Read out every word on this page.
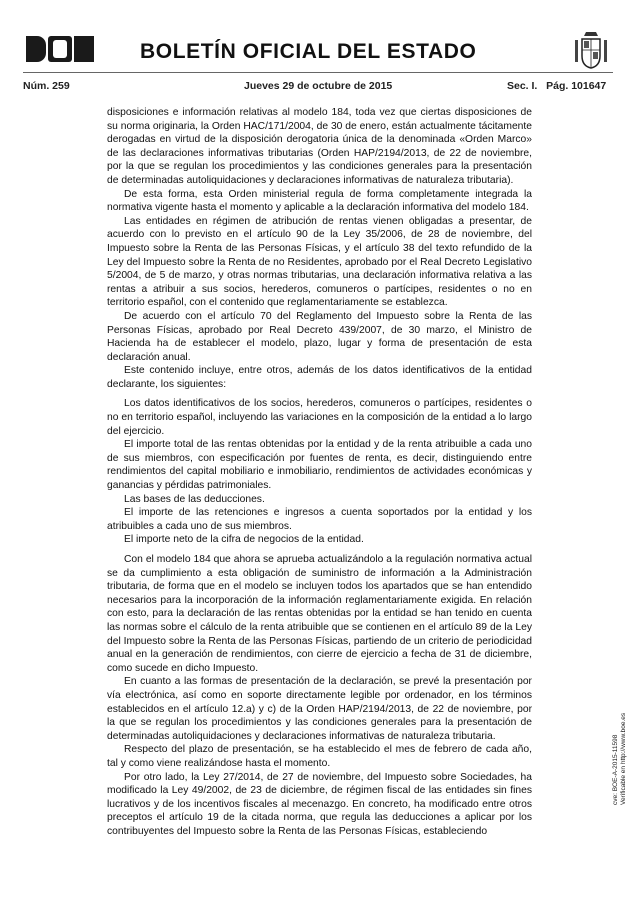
BOLETÍN OFICIAL DEL ESTADO
Núm. 259	Jueves 29 de octubre de 2015	Sec. I.   Pág. 101647

disposiciones e información relativas al modelo 184, toda vez que ciertas disposiciones de su norma originaria, la Orden HAC/171/2004, de 30 de enero, están actualmente tácitamente derogadas en virtud de la disposición derogatoria única de la denominada «Orden Marco» de las declaraciones informativas tributarias (Orden HAP/2194/2013, de 22 de noviembre, por la que se regulan los procedimientos y las condiciones generales para la presentación de determinadas autoliquidaciones y declaraciones informativas de naturaleza tributaria).

De esta forma, esta Orden ministerial regula de forma completamente integrada la normativa vigente hasta el momento y aplicable a la declaración informativa del modelo 184.

Las entidades en régimen de atribución de rentas vienen obligadas a presentar, de acuerdo con lo previsto en el artículo 90 de la Ley 35/2006, de 28 de noviembre, del Impuesto sobre la Renta de las Personas Físicas, y el artículo 38 del texto refundido de la Ley del Impuesto sobre la Renta de no Residentes, aprobado por el Real Decreto Legislativo 5/2004, de 5 de marzo, y otras normas tributarias, una declaración informativa relativa a las rentas a atribuir a sus socios, herederos, comuneros o partícipes, residentes o no en territorio español, con el contenido que reglamentariamente se establezca.

De acuerdo con el artículo 70 del Reglamento del Impuesto sobre la Renta de las Personas Físicas, aprobado por Real Decreto 439/2007, de 30 marzo, el Ministro de Hacienda ha de establecer el modelo, plazo, lugar y forma de presentación de esta declaración anual.

Este contenido incluye, entre otros, además de los datos identificativos de la entidad declarante, los siguientes:

Los datos identificativos de los socios, herederos, comuneros o partícipes, residentes o no en territorio español, incluyendo las variaciones en la composición de la entidad a lo largo del ejercicio.

El importe total de las rentas obtenidas por la entidad y de la renta atribuible a cada uno de sus miembros, con especificación por fuentes de renta, es decir, distinguiendo entre rendimientos del capital mobiliario e inmobiliario, rendimientos de actividades económicas y ganancias y pérdidas patrimoniales.

Las bases de las deducciones.

El importe de las retenciones e ingresos a cuenta soportados por la entidad y los atribuibles a cada uno de sus miembros.

El importe neto de la cifra de negocios de la entidad.

Con el modelo 184 que ahora se aprueba actualizándolo a la regulación normativa actual se da cumplimiento a esta obligación de suministro de información a la Administración tributaria, de forma que en el modelo se incluyen todos los apartados que se han entendido necesarios para la incorporación de la información reglamentariamente exigida. En relación con esto, para la declaración de las rentas obtenidas por la entidad se han tenido en cuenta las normas sobre el cálculo de la renta atribuible que se contienen en el artículo 89 de la Ley del Impuesto sobre la Renta de las Personas Físicas, partiendo de un criterio de periodicidad anual en la generación de rendimientos, con cierre de ejercicio a fecha de 31 de diciembre, como sucede en dicho Impuesto.

En cuanto a las formas de presentación de la declaración, se prevé la presentación por vía electrónica, así como en soporte directamente legible por ordenador, en los términos establecidos en el artículo 12.a) y c) de la Orden HAP/2194/2013, de 22 de noviembre, por la que se regulan los procedimientos y las condiciones generales para la presentación de determinadas autoliquidaciones y declaraciones informativas de naturaleza tributaria.

Respecto del plazo de presentación, se ha establecido el mes de febrero de cada año, tal y como viene realizándose hasta el momento.

Por otro lado, la Ley 27/2014, de 27 de noviembre, del Impuesto sobre Sociedades, ha modificado la Ley 49/2002, de 23 de diciembre, de régimen fiscal de las entidades sin fines lucrativos y de los incentivos fiscales al mecenazgo. En concreto, ha modificado entre otros preceptos el artículo 19 de la citada norma, que regula las deducciones a aplicar por los contribuyentes del Impuesto sobre la Renta de las Personas Físicas, estableciendo

cve: BOE-A-2015-11598 Verificable en http://www.boe.es
